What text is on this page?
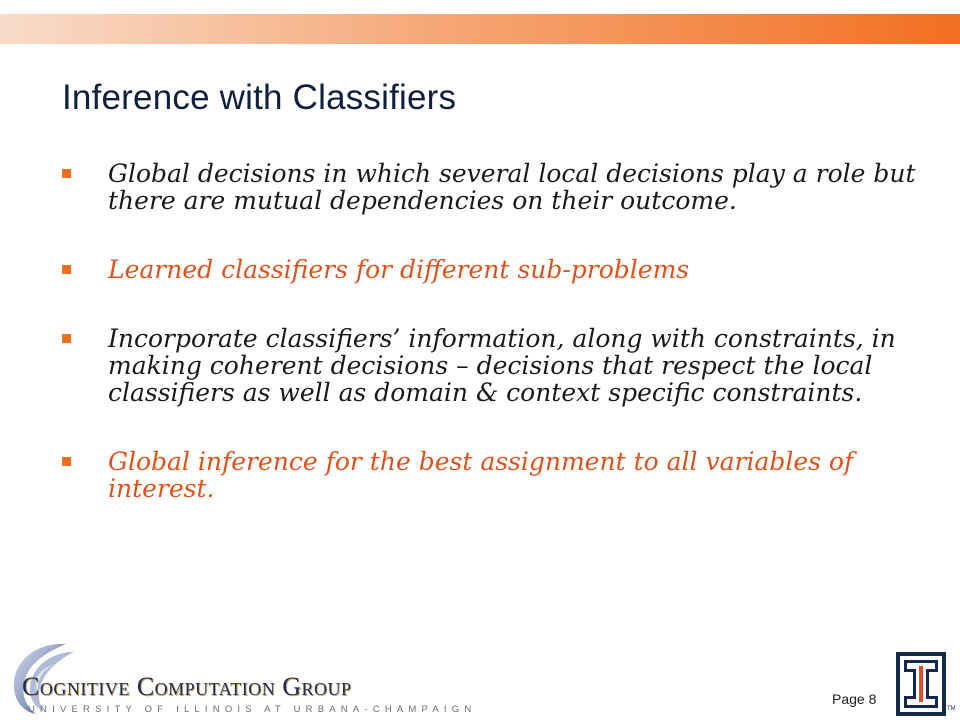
Inference with Classifiers
Global decisions in which several local decisions play a role but there are mutual dependencies on their outcome.
Learned classifiers for different sub-problems
Incorporate classifiers’ information, along with constraints, in making coherent decisions – decisions that respect the local classifiers as well as domain & context specific constraints.
Global inference for the best assignment to all variables of interest.
Cognitive Computation Group
UNIVERSITY OF ILLINOIS AT URBANA-CHAMPAIGN
Page 8
TM
